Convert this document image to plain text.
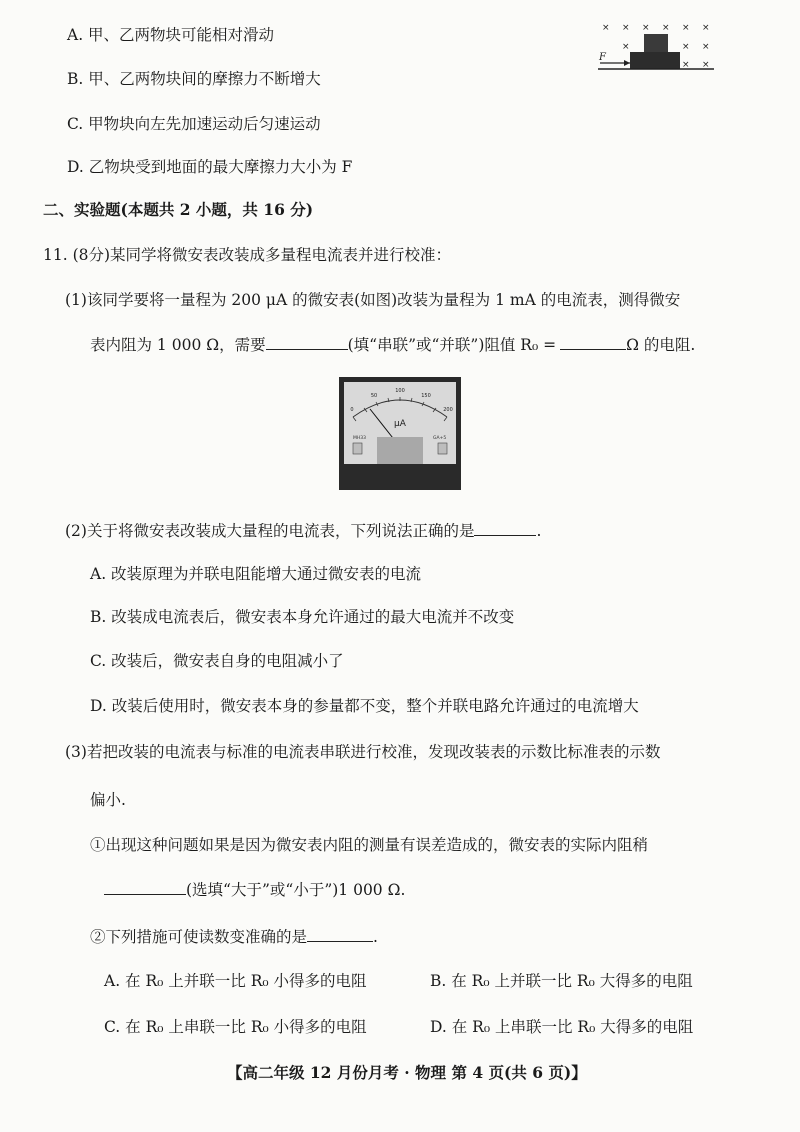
A. 甲、乙两物块可能相对滑动
B. 甲、乙两物块间的摩擦力不断增大
C. 甲物块向左先加速运动后匀速运动
D. 乙物块受到地面的最大摩擦力大小为 F
× × × × × ×
×	× ×
× ×
F
二、实验题(本题共 2 小题，共 16 分)
11. (8分)某同学将微安表改装成多量程电流表并进行校准：
(1)该同学要将一量程为 200 μA 的微安表(如图)改装为量程为 1 mA 的电流表，测得微安
表内阻为 1 000 Ω，需要	(填“串联”或“并联”)阻值 R₀ =	Ω 的电阻.
0
50
100
150
200
μA
MH33	GA+5
(2)关于将微安表改装成大量程的电流表，下列说法正确的是	.
A. 改装原理为并联电阻能增大通过微安表的电流
B. 改装成电流表后，微安表本身允许通过的最大电流并不改变
C. 改装后，微安表自身的电阻减小了
D. 改装后使用时，微安表本身的参量都不变，整个并联电路允许通过的电流增大
(3)若把改装的电流表与标准的电流表串联进行校准，发现改装表的示数比标准表的示数
偏小.
①出现这种问题如果是因为微安表内阻的测量有误差造成的，微安表的实际内阻稍
(选填“大于”或“小于”)1 000 Ω.
②下列措施可使读数变准确的是	.
A. 在 R₀ 上并联一比 R₀ 小得多的电阻	B. 在 R₀ 上并联一比 R₀ 大得多的电阻
C. 在 R₀ 上串联一比 R₀ 小得多的电阻	D. 在 R₀ 上串联一比 R₀ 大得多的电阻
【高二年级 12 月份月考 · 物理 第 4 页(共 6 页)】
